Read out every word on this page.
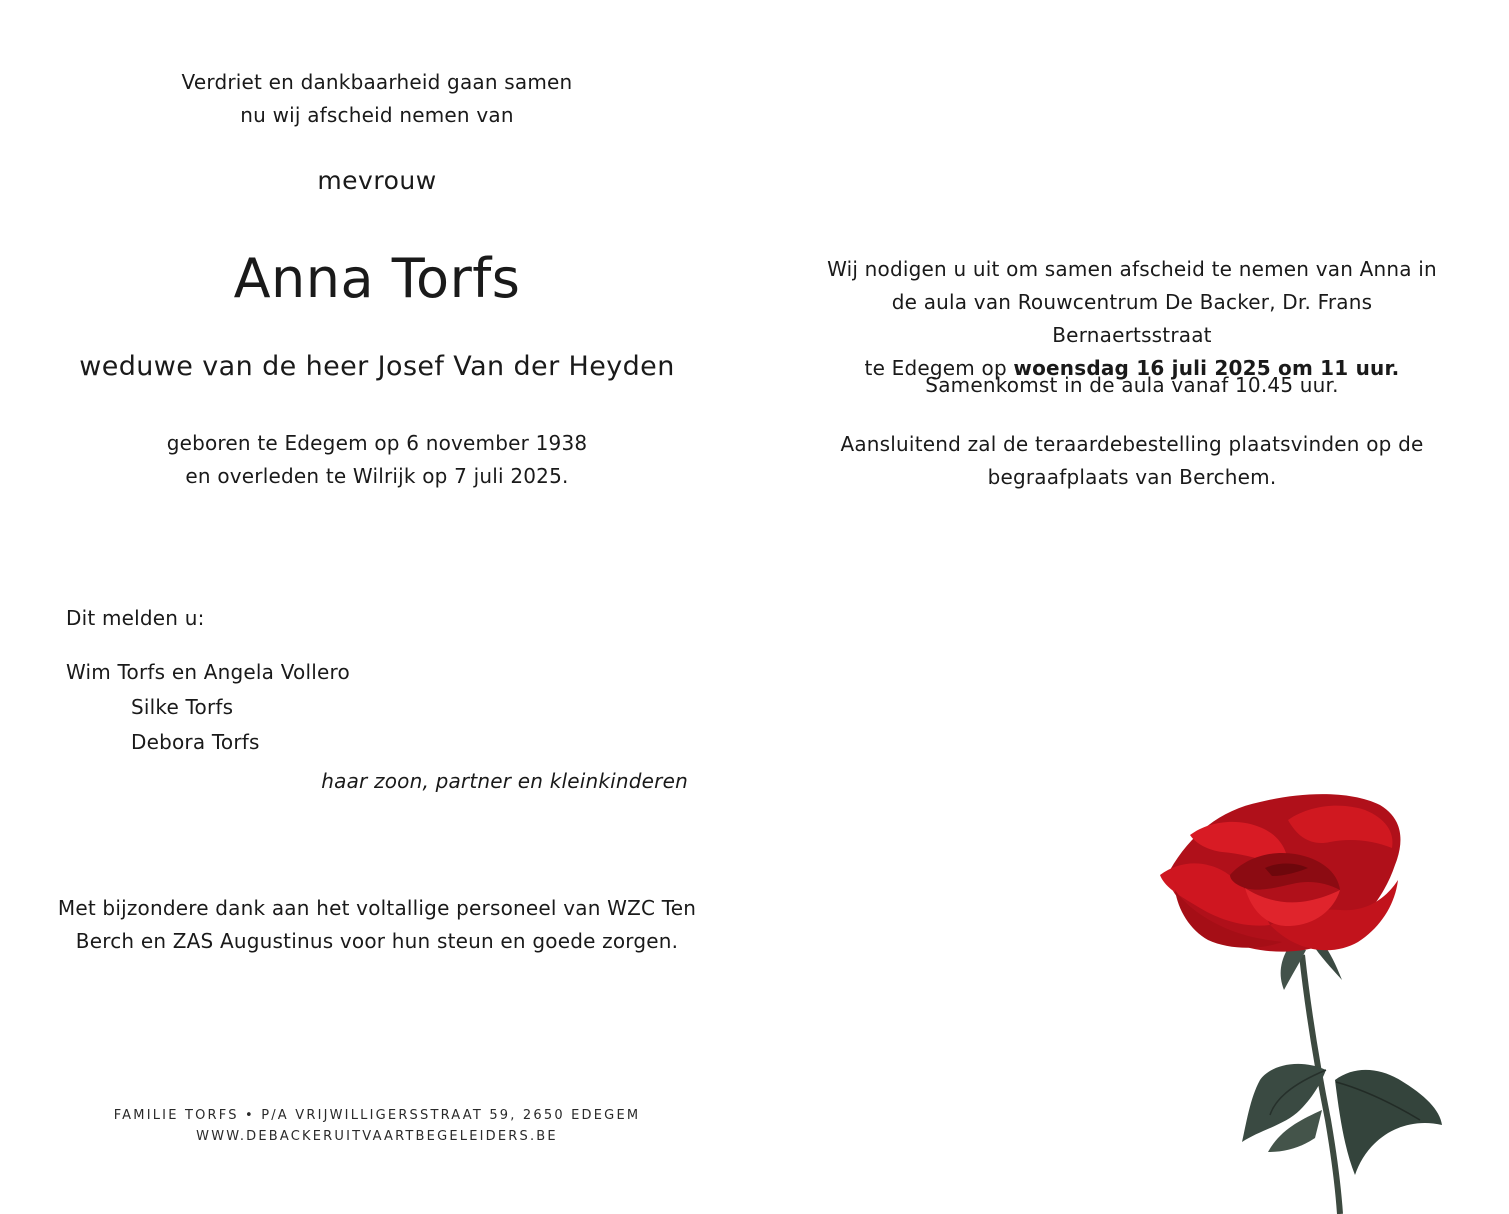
Verdriet en dankbaarheid gaan samen
nu wij afscheid nemen van
mevrouw
Anna Torfs
weduwe van de heer Josef Van der Heyden
geboren te Edegem op 6 november 1938
en overleden te Wilrijk op 7 juli 2025.
Dit melden u:
Wim Torfs en Angela Vollero
Silke Torfs
Debora Torfs
haar zoon, partner en kleinkinderen
Met bijzondere dank aan het voltallige personeel van WZC Ten
Berch en ZAS Augustinus voor hun steun en goede zorgen.
FAMILIE TORFS • P/A VRIJWILLIGERSSTRAAT 59, 2650 EDEGEM
WWW.DEBACKERUITVAARTBEGELEIDERS.BE
Wij nodigen u uit om samen afscheid te nemen van Anna in
de aula van Rouwcentrum De Backer, Dr. Frans Bernaertsstraat
te Edegem op woensdag 16 juli 2025 om 11 uur.
Samenkomst in de aula vanaf 10.45 uur.
Aansluitend zal de teraardebestelling plaatsvinden op de
begraafplaats van Berchem.
